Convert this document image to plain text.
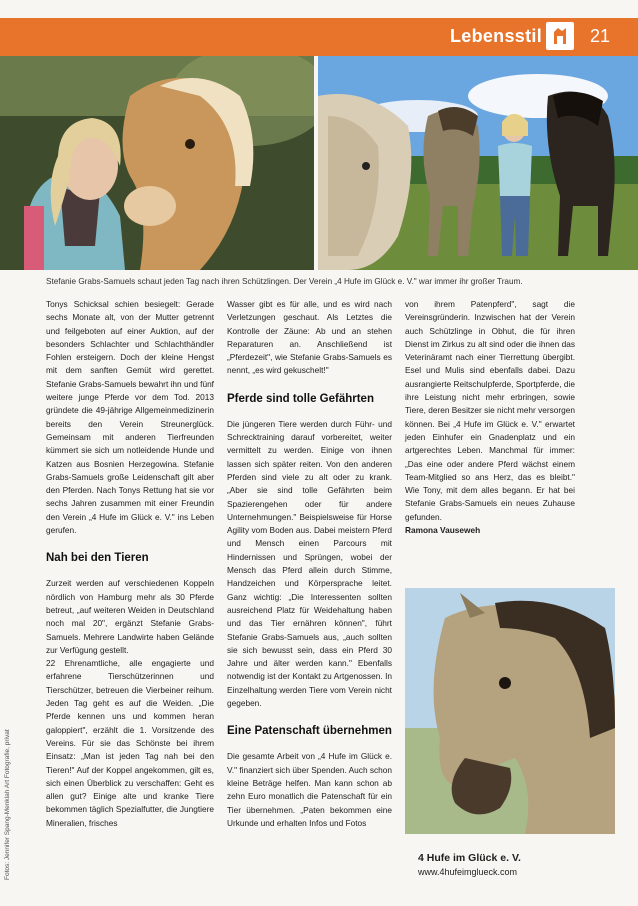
Lebensstil	21
Stefanie Grabs-Samuels schaut jeden Tag nach ihren Schützlingen. Der Verein „4 Hufe im Glück e. V." war immer ihr großer Traum.

Tonys Schicksal schien besiegelt: Gerade sechs Monate alt, von der Mutter getrennt und feilgeboten auf einer Auktion, auf der besonders Schlachter und Schlachthändler Fohlen ersteigern. Doch der kleine Hengst mit dem sanften Gemüt wird gerettet. Stefanie Grabs-Samuels bewahrt ihn und fünf weitere junge Pferde vor dem Tod. 2013 gründete die 49-jährige Allgemeinmedizinerin bereits den Verein Streunerglück. Gemeinsam mit anderen Tierfreunden kümmert sie sich um notleidende Hunde und Katzen aus Bosnien Herzegowina. Stefanie Grabs-Samuels große Leidenschaft gilt aber den Pferden. Nach Tonys Rettung hat sie vor sechs Jahren zusammen mit einer Freundin den Verein „4 Hufe im Glück e. V." ins Leben gerufen.

Nah bei den Tieren

Zurzeit werden auf verschiedenen Koppeln nördlich von Hamburg mehr als 30 Pferde betreut, „auf weiteren Weiden in Deutschland noch mal 20", ergänzt Stefanie Grabs-Samuels. Mehrere Landwirte haben Gelände zur Verfügung gestellt.

22 Ehrenamtliche, alle engagierte und erfahrene Tierschützerinnen und Tierschützer, betreuen die Vierbeiner reihum. Jeden Tag geht es auf die Weiden. „Die Pferde kennen uns und kommen heran galoppiert", erzählt die 1. Vorsitzende des Vereins. Für sie das Schönste bei ihrem Einsatz: „Man ist jeden Tag nah bei den Tieren!" Auf der Koppel angekommen, gilt es, sich einen Überblick zu verschaffen: Geht es allen gut? Einige alte und kranke Tiere bekommen täglich Spezialfutter, die Jungtiere Mineralien, frisches

Wasser gibt es für alle, und es wird nach Verletzungen geschaut. Als Letztes die Kontrolle der Zäune: Ab und an stehen Reparaturen an. Anschließend ist „Pferdezeit", wie Stefanie Grabs-Samuels es nennt, „es wird gekuschelt!"

Pferde sind tolle Gefährten

Die jüngeren Tiere werden durch Führ- und Schrecktraining darauf vorbereitet, weiter vermittelt zu werden. Einige von ihnen lassen sich später reiten. Von den anderen Pferden sind viele zu alt oder zu krank. „Aber sie sind tolle Gefährten beim Spazierengehen oder für andere Unternehmungen." Beispielsweise für Horse Agility vom Boden aus. Dabei meistern Pferd und Mensch einen Parcours mit Hindernissen und Sprüngen, wobei der Mensch das Pferd allein durch Stimme, Handzeichen und Körpersprache leitet. Ganz wichtig: „Die Interessenten sollten ausreichend Platz für Weidehaltung haben und das Tier ernähren können", führt Stefanie Grabs-Samuels aus, „auch sollten sie sich bewusst sein, dass ein Pferd 30 Jahre und älter werden kann." Ebenfalls notwendig ist der Kontakt zu Artgenossen. In Einzelhaltung werden Tiere vom Verein nicht gegeben.

Eine Patenschaft übernehmen

Die gesamte Arbeit von „4 Hufe im Glück e. V." finanziert sich über Spenden. Auch schon kleine Beträge helfen. Man kann schon ab zehn Euro monatlich die Patenschaft für ein Tier übernehmen. „Paten bekommen eine Urkunde und erhalten Infos und Fotos

von ihrem Patenpferd", sagt die Vereinsgründerin. Inzwischen hat der Verein auch Schützlinge in Obhut, die für ihren Dienst im Zirkus zu alt sind oder die ihnen das Veterinäramt nach einer Tierrettung übergibt. Esel und Mulis sind ebenfalls dabei. Dazu ausrangierte Reitschulpferde, Sportpferde, die ihre Leistung nicht mehr erbringen, sowie Tiere, deren Besitzer sie nicht mehr versorgen können. Bei „4 Hufe im Glück e. V." erwartet jeden Einhufer ein Gnadenplatz und ein artgerechtes Leben. Manchmal für immer: „Das eine oder andere Pferd wächst einem Team-Mitglied so ans Herz, das es bleibt." Wie Tony, mit dem alles begann. Er hat bei Stefanie Grabs-Samuels ein neues Zuhause gefunden.

Ramona Vauseweh

4 Hufe im Glück e. V.
www.4hufeimglueck.com
Fotos: Jennifer Spang-Menklah Art Fotografie, privat
